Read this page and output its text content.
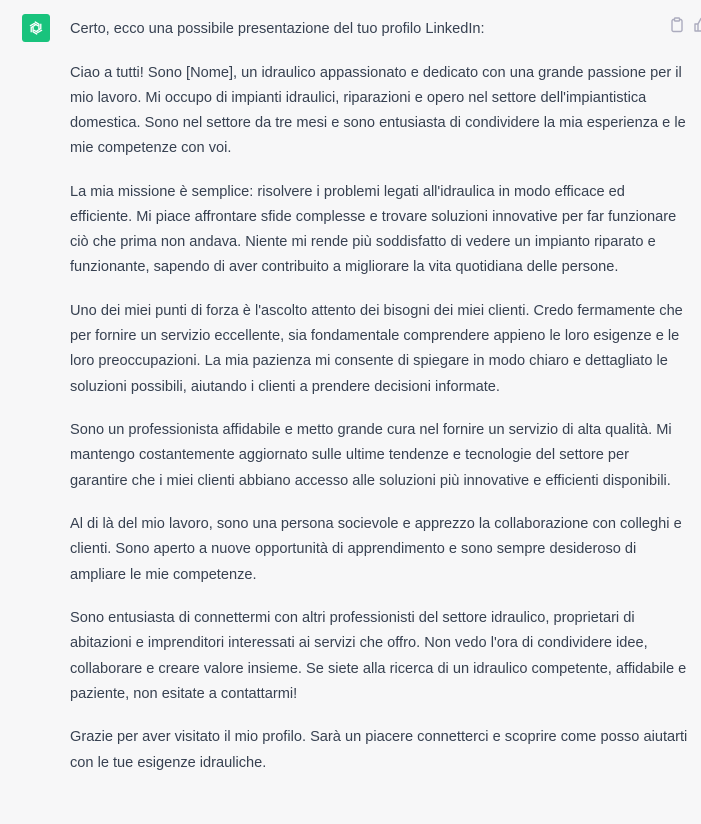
Certo, ecco una possibile presentazione del tuo profilo LinkedIn:

Ciao a tutti! Sono [Nome], un idraulico appassionato e dedicato con una grande passione per il mio lavoro. Mi occupo di impianti idraulici, riparazioni e opero nel settore dell'impiantistica domestica. Sono nel settore da tre mesi e sono entusiasta di condividere la mia esperienza e le mie competenze con voi.

La mia missione è semplice: risolvere i problemi legati all'idraulica in modo efficace ed efficiente. Mi piace affrontare sfide complesse e trovare soluzioni innovative per far funzionare ciò che prima non andava. Niente mi rende più soddisfatto di vedere un impianto riparato e funzionante, sapendo di aver contribuito a migliorare la vita quotidiana delle persone.

Uno dei miei punti di forza è l'ascolto attento dei bisogni dei miei clienti. Credo fermamente che per fornire un servizio eccellente, sia fondamentale comprendere appieno le loro esigenze e le loro preoccupazioni. La mia pazienza mi consente di spiegare in modo chiaro e dettagliato le soluzioni possibili, aiutando i clienti a prendere decisioni informate.

Sono un professionista affidabile e metto grande cura nel fornire un servizio di alta qualità. Mi mantengo costantemente aggiornato sulle ultime tendenze e tecnologie del settore per garantire che i miei clienti abbiano accesso alle soluzioni più innovative e efficienti disponibili.

Al di là del mio lavoro, sono una persona socievole e apprezzo la collaborazione con colleghi e clienti. Sono aperto a nuove opportunità di apprendimento e sono sempre desideroso di ampliare le mie competenze.

Sono entusiasta di connettermi con altri professionisti del settore idraulico, proprietari di abitazioni e imprenditori interessati ai servizi che offro. Non vedo l'ora di condividere idee, collaborare e creare valore insieme. Se siete alla ricerca di un idraulico competente, affidabile e paziente, non esitate a contattarmi!

Grazie per aver visitato il mio profilo. Sarà un piacere connetterci e scoprire come posso aiutarti con le tue esigenze idrauliche.
